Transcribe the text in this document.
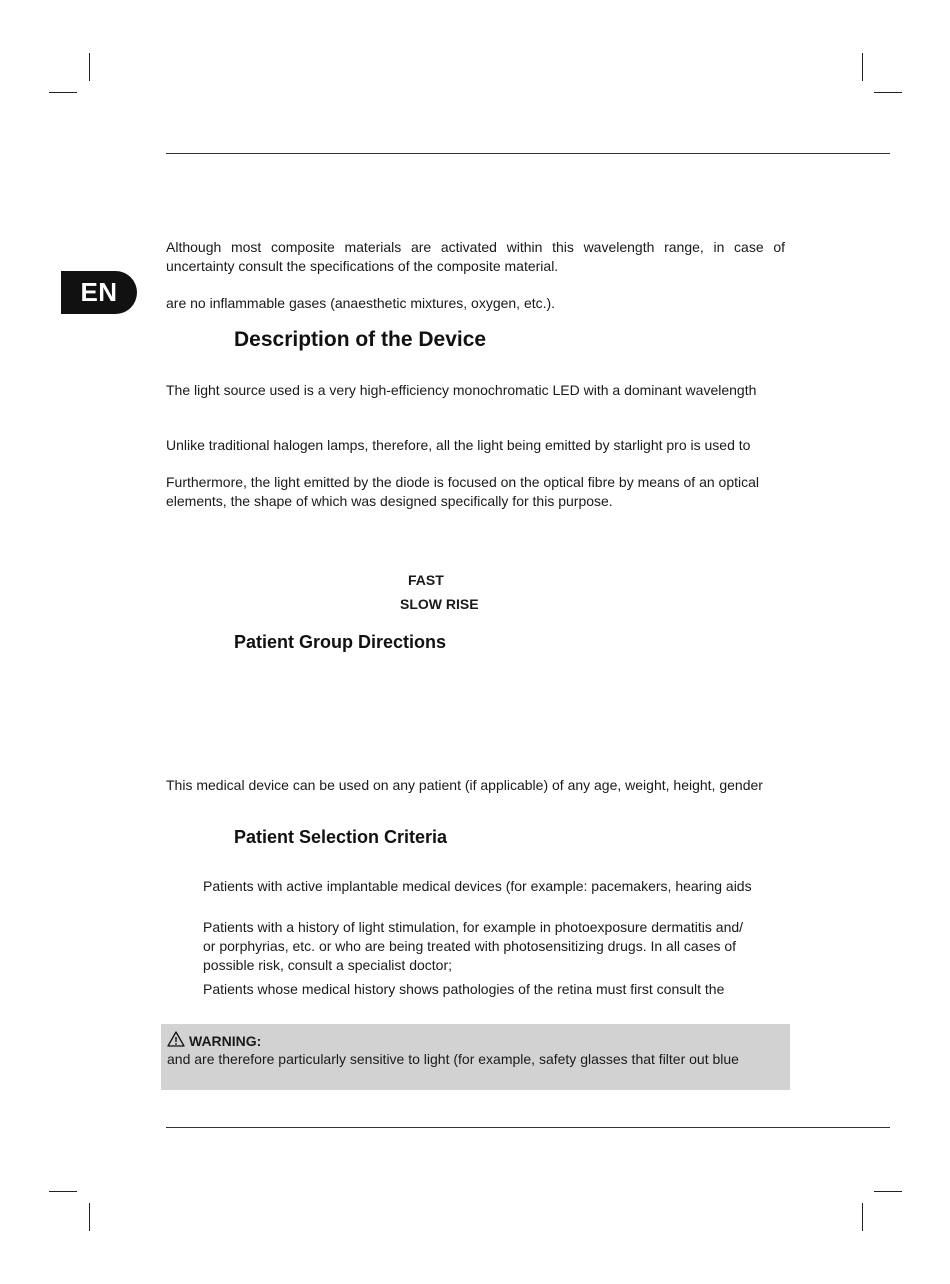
EN
Although most composite materials are activated within this wavelength range, in case of
uncertainty consult the specifications of the composite material.
are no inflammable gases (anaesthetic mixtures, oxygen, etc.).
Description of the Device
The light source used is a very high-efficiency monochromatic LED with a dominant wavelength
Unlike traditional halogen lamps, therefore, all the light being emitted by starlight pro is used to
Furthermore, the light emitted by the diode is focused on the optical fibre by means of an optical
elements, the shape of which was designed specifically for this purpose.
FAST
SLOW RISE
Patient Group Directions
This medical device can be used on any patient (if applicable) of any age, weight, height, gender
Patient Selection Criteria
Patients with active implantable medical devices (for example: pacemakers, hearing aids
Patients with a history of light stimulation, for example in photoexposure dermatitis and/
or porphyrias, etc. or who are being treated with photosensitizing drugs. In all cases of
possible risk, consult a specialist doctor;
Patients whose medical history shows pathologies of the retina must first consult the
WARNING:
and are therefore particularly sensitive to light (for example, safety glasses that filter out blue
